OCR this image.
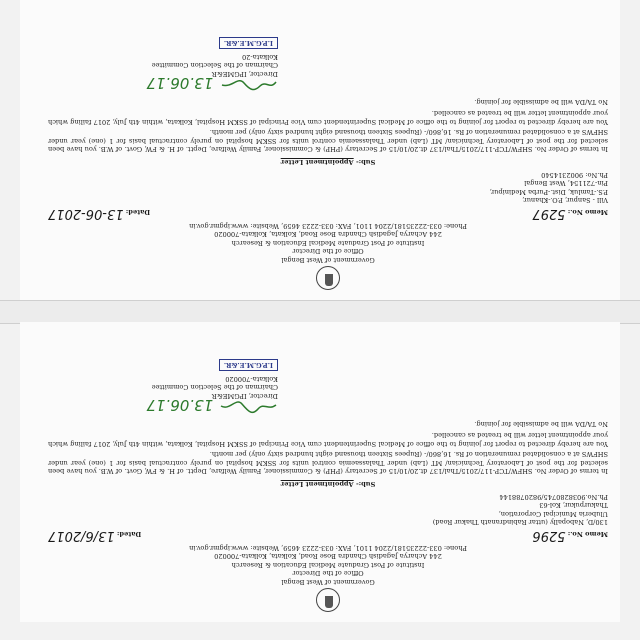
Government of West Bengal
Office of the Director
Institute of Post Graduate Medical Education & Research
244 Acharya Jagadish Chandra Bose Road, Kolkata, Kolkata-700020
Phone: 033-22235181/2204 1101, FAX: 033-2223 4659, Website: www.ipgmr.gov.in
Memo No.: 5297
Dated: 13-06-2017
Vill - Sanpur, P.O.-Khanur,
P.S.-Tamluk, Dist.-Purba Medinipur,
Pin-721154, West Bengal
Ph.No: 9002314540
Sub:- Appointment Letter
In terms of Order No. SHFW/TCP-117/2015/Thal/137 dt.20/10/15 of Secretary (PHP) & Commissioner, Family Welfare, Deptt. of H. & FW, Govt. of W.B. you have been selected for the post of Laboratory Technician/ MT (Lab) under Thalassaemia control units for SSKM hospital on purely contractual basis for 1 (one) year under SHFWS at a consolidated remuneration of Rs. 16,860/- (Rupees Sixteen thousand eight hundred sixty only) per month.
You are hereby directed to report for joining to the office of Medical Superintendent cum Vice Principal of SSKM Hospital, Kolkata, within 4th July, 2017 failing which your appointment letter will be treated as cancelled.
No TA/DA will be admissible for joining.
13.06.17
Director, IPGME&R
Chairman of the Selection Committee
Kolkata-20
I.P.G.M.E.&R.
Government of West Bengal
Office of the Director
Institute of Post Graduate Medical Education & Research
244 Acharya Jagadish Chandra Bose Road, Kolkata, Kolkata-700020
Phone: 033-22235181/2204 1101, FAX: 033-2223 4659, Website: www.ipgmr.gov.in
Memo No.: 5296
Dated: 13/6/2017
130/D, Nabopally (uttar Rabindranath Thakur Road)
Uluberia Municipal Corporation,
Thakurpukur, Kol-63
Ph.No.9038280745/9820788144
Sub:- Appointment Letter
In terms of Order No. SHFW/TCP-117/2015/Thal/137 dt.20/10/15 of Secretary (PHP) & Commissioner, Family Welfare, Deptt. of H. & FW, Govt. of W.B. you have been selected for the post of Laboratory Technician/ MT (Lab) under Thalassaemia control units for SSKM hospital on purely contractual basis for 1 (one) year under SHFWS at a consolidated remuneration of Rs. 16,860/- (Rupees Sixteen thousand eight hundred sixty only) per month.
You are hereby directed to report for joining to the office of Medical Superintendent cum Vice Principal of SSKM Hospital, Kolkata, within 4th July, 2017 failing which your appointment letter will be treated as cancelled.
No TA/DA will be admissible for joining.
13.06.17
Director, IPGME&R
Chairman of the Selection Committee
Kolkata-700020
I.P.G.M.E.&R.
